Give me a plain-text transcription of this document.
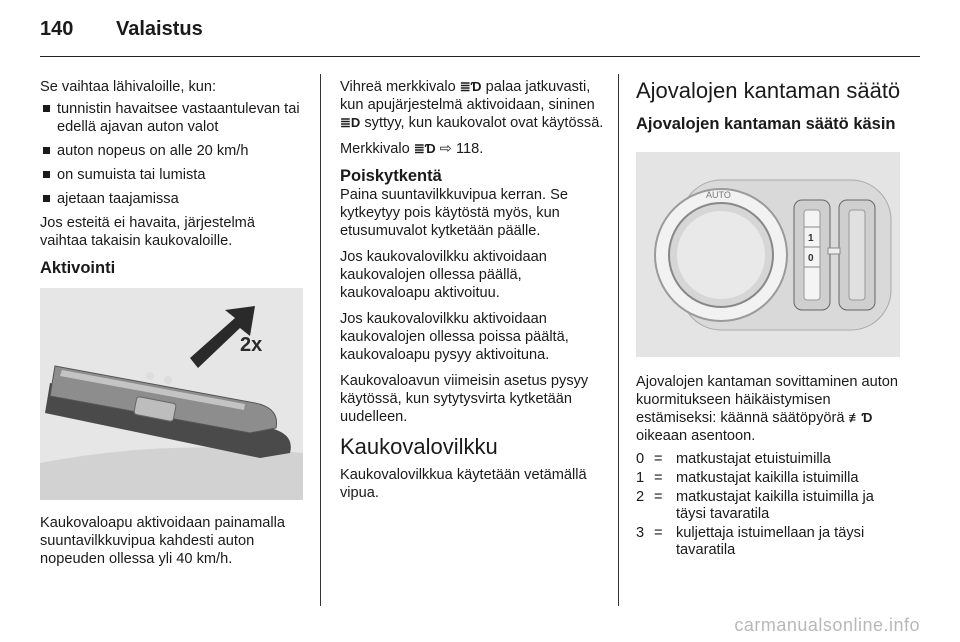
140 Valaistus

Se vaihtaa lähivaloille, kun:

tunnistin havaitsee vastaantulevan tai edellä ajavan auton valot
auton nopeus on alle 20 km/h
on sumuista tai lumista
ajetaan taajamissa

Jos esteitä ei havaita, järjestelmä vaihtaa takaisin kaukovaloille.

Aktivointi
2x

Kaukovaloapu aktivoidaan painamalla suuntavilkkuvipua kahdesti auton nopeuden ollessa yli 40 km/h.

Vihreä merkkivalo ≣Ɗ palaa jatkuvasti, kun apujärjestelmä aktivoidaan, sininen ≣D syttyy, kun kaukovalot ovat käytössä.

Merkkivalo ≣Ɗ ⇨ 118.

Poiskytkentä

Paina suuntavilkkuvipua kerran. Se kytkeytyy pois käytöstä myös, kun etusumuvalot kytketään päälle.

Jos kaukovalovilkku aktivoidaan kaukovalojen ollessa päällä, kaukovaloapu aktivoituu.

Jos kaukovalovilkku aktivoidaan kaukovalojen ollessa poissa päältä, kaukovaloapu pysyy aktivoituna.

Kaukovaloavun viimeisin asetus pysyy käytössä, kun sytytysvirta kytketään uudelleen.

Kaukovalovilkku

Kaukovalovilkkua käytetään vetämällä vipua.

Ajovalojen kantaman säätö
Ajovalojen kantaman säätö käsin
AUTO
1
0

Ajovalojen kantaman sovittaminen auton kuormitukseen häikäistymisen estämiseksi: käännä säätöpyörä ≢Ɗ oikeaan asentoon.

0	=	matkustajat etuistuimilla
1	=	matkustajat kaikilla istuimilla
2	=	matkustajat kaikilla istuimilla ja täysi tavaratila
3	=	kuljettaja istuimellaan ja täysi tavaratila
carmanualsonline.info
